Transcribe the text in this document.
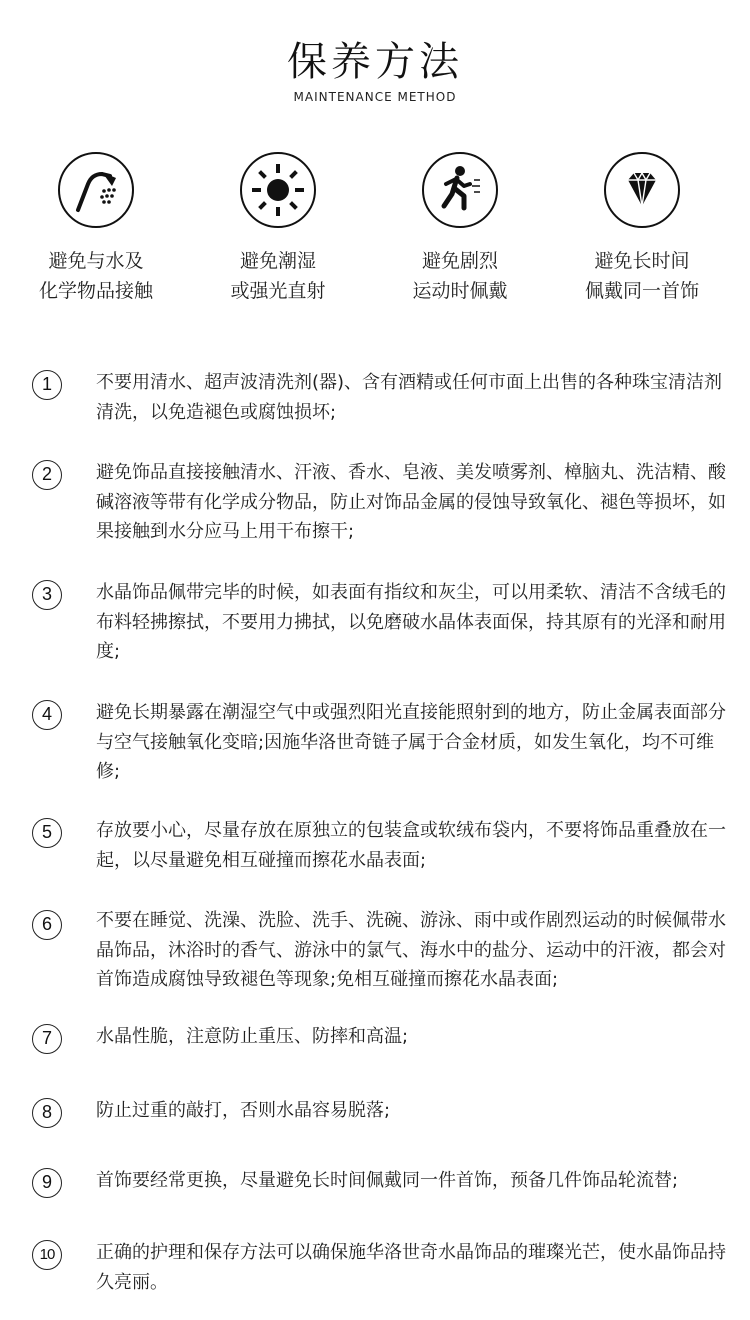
保养方法
MAINTENANCE METHOD
避免与水及
化学物品接触
避免潮湿
或强光直射
避免剧烈
运动时佩戴
避免长时间
佩戴同一首饰
1	不要用清水、超声波清洗剂(器)、含有酒精或任何市面上出售的各种珠宝清洁剂清洗，以免造褪色或腐蚀损坏;
2	避免饰品直接接触清水、汗液、香水、皂液、美发喷雾剂、樟脑丸、洗洁精、酸碱溶液等带有化学成分物品，防止对饰品金属的侵蚀导致氧化、褪色等损坏，如果接触到水分应马上用干布擦干;
3	水晶饰品佩带完毕的时候，如表面有指纹和灰尘，可以用柔软、清洁不含绒毛的布料轻拂擦拭，不要用力拂拭，以免磨破水晶体表面保，持其原有的光泽和耐用度;
4	避免长期暴露在潮湿空气中或强烈阳光直接能照射到的地方，防止金属表面部分与空气接触氧化变暗;因施华洛世奇链子属于合金材质，如发生氧化，均不可维修;
5	存放要小心，尽量存放在原独立的包装盒或软绒布袋内，不要将饰品重叠放在一起，以尽量避免相互碰撞而擦花水晶表面;
6	不要在睡觉、洗澡、洗脸、洗手、洗碗、游泳、雨中或作剧烈运动的时候佩带水晶饰品，沐浴时的香气、游泳中的氯气、海水中的盐分、运动中的汗液，都会对首饰造成腐蚀导致褪色等现象;免相互碰撞而擦花水晶表面;
7	水晶性脆，注意防止重压、防摔和高温;
8	防止过重的敲打，否则水晶容易脱落;
9	首饰要经常更换，尽量避免长时间佩戴同一件首饰，预备几件饰品轮流替;
10	正确的护理和保存方法可以确保施华洛世奇水晶饰品的璀璨光芒，使水晶饰品持久亮丽。
